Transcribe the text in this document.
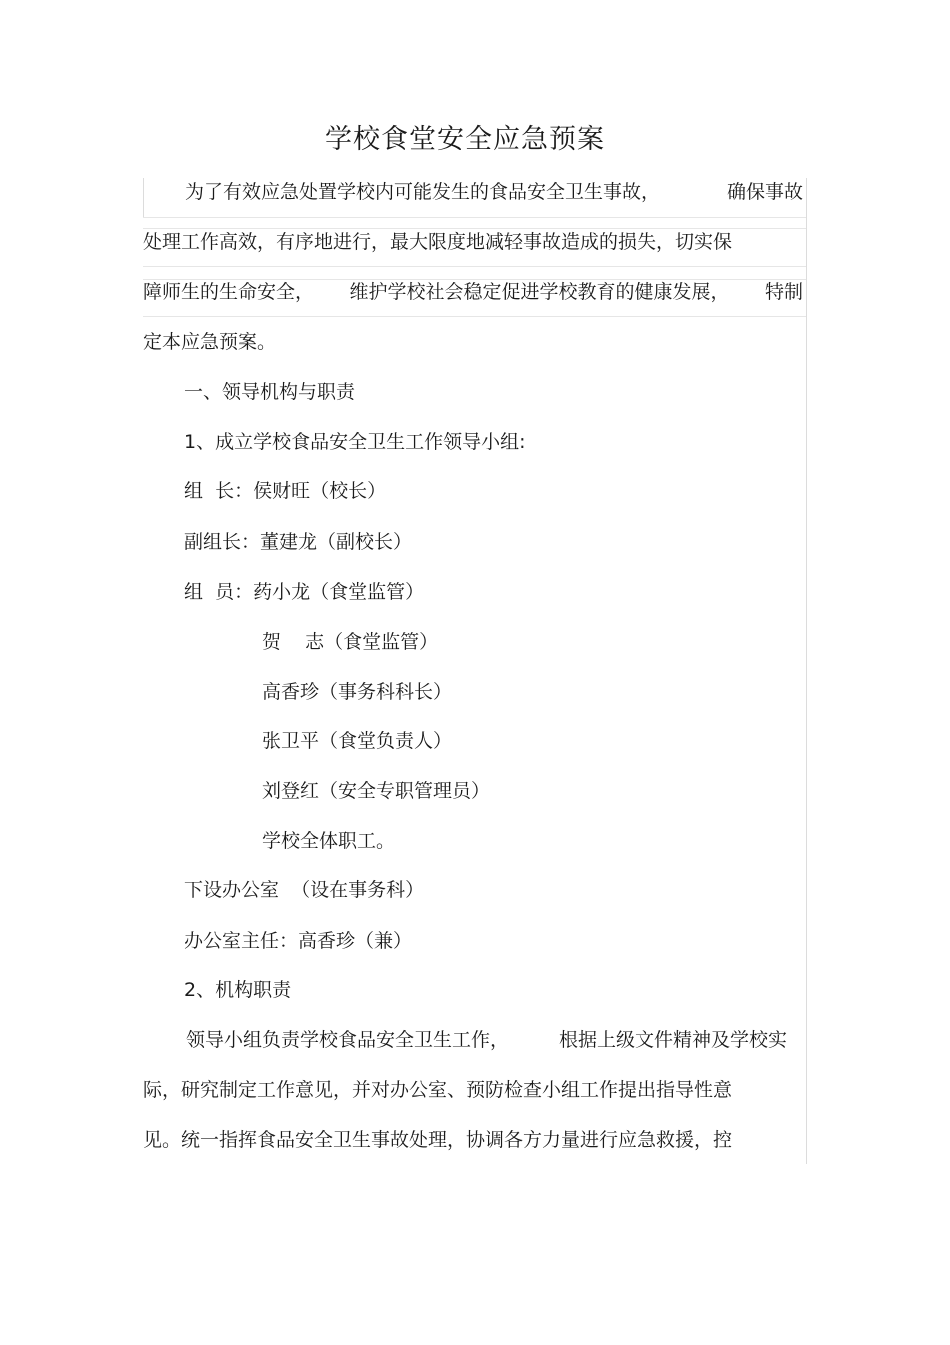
学校食堂安全应急预案
为了有效应急处置学校内可能发生的食品安全卫生事故，	确保事故
处理工作高效，有序地进行，最大限度地减轻事故造成的损失，切实保
障师生的生命安全， 维护学校社会稳定促进学校教育的健康发展， 特制
定本应急预案。
一、领导机构与职责
1、成立学校食品安全卫生工作领导小组:
组  长：侯财旺（校长）
副组长：董建龙（副校长）
组  员：药小龙（食堂监管）
贺    志（食堂监管）
高香珍（事务科科长）
张卫平（食堂负责人）
刘登红（安全专职管理员）
学校全体职工。
下设办公室  （设在事务科）
办公室主任：高香珍（兼）
2、机构职责
领导小组负责学校食品安全卫生工作，	根据上级文件精神及学校实
际，研究制定工作意见，并对办公室、预防检查小组工作提出指导性意
见。统一指挥食品安全卫生事故处理，协调各方力量进行应急救援，控
